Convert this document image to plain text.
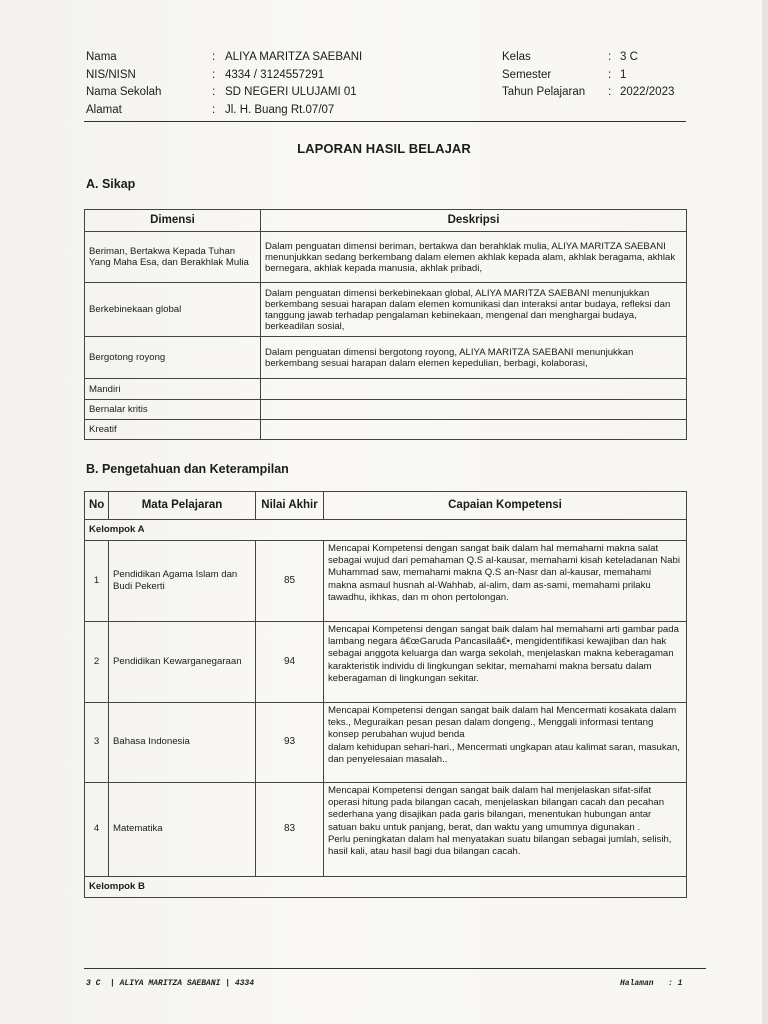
Nama	: ALIYA MARITZA SAEBANI
NIS/NISN	: 4334 / 3124557291
Nama Sekolah	: SD NEGERI ULUJAMI 01
Alamat	: Jl. H. Buang Rt.07/07
Kelas	: 3 C
Semester	: 1
Tahun Pelajaran	: 2022/2023
LAPORAN HASIL BELAJAR
A. Sikap
Dimensi	Deskripsi
Beriman, Bertakwa Kepada Tuhan Yang Maha Esa, dan Berakhlak Mulia	Dalam penguatan dimensi beriman, bertakwa dan berahklak mulia, ALIYA MARITZA SAEBANI menunjukkan sedang berkembang dalam elemen akhlak kepada alam, akhlak beragama, akhlak bernegara, akhlak kepada manusia, akhlak pribadi,
Berkebinekaan global	Dalam penguatan dimensi berkebinekaan global, ALIYA MARITZA SAEBANI menunjukkan berkembang sesuai harapan dalam elemen komunikasi dan interaksi antar budaya, refleksi dan tanggung jawab terhadap pengalaman kebinekaan, mengenal dan menghargai budaya, berkeadilan sosial,
Bergotong royong	Dalam penguatan dimensi bergotong royong, ALIYA MARITZA SAEBANI menunjukkan berkembang sesuai harapan dalam elemen kepedulian, berbagi, kolaborasi,
Mandiri	
Bernalar kritis	
Kreatif	
B. Pengetahuan dan Keterampilan
No	Mata Pelajaran	Nilai Akhir	Capaian Kompetensi
Kelompok A			
1	Pendidikan Agama Islam dan Budi Pekerti	85	Mencapai Kompetensi dengan sangat baik dalam hal memahami makna salat sebagai wujud dari pemahaman Q.S al-kausar, memahami kisah keteladanan Nabi Muhammad saw, memahami makna Q.S an-Nasr dan al-kausar, memahami makna asmaul husnah al-Wahhab, al-alim, dam as-sami, memahami prilaku tawadhu, ikhkas, dan m ohon pertolongan.
2	Pendidikan Kewarganegaraan	94	Mencapai Kompetensi dengan sangat baik dalam hal memahami arti gambar pada lambang negara â€œGaruda Pancasilaâ€•, mengidentifikasi kewajiban dan hak sebagai anggota keluarga dan warga sekolah, menjelaskan makna keberagaman karakteristik individu di lingkungan sekitar, memahami makna bersatu dalam keberagaman di lingkungan sekitar.
3	Bahasa Indonesia	93	Mencapai Kompetensi dengan sangat baik dalam hal Mencermati kosakata dalam teks., Meguraikan pesan pesan dalam dongeng., Menggali informasi tentang
konsep perubahan wujud benda
dalam kehidupan sehari-hari., Mencermati ungkapan atau kalimat saran, masukan, dan penyelesaian masalah..
4	Matematika	83	Mencapai Kompetensi dengan sangat baik dalam hal menjelaskan sifat-sifat operasi hitung pada bilangan cacah, menjelaskan bilangan cacah dan pecahan sederhana yang disajikan pada garis bilangan, menentukan hubungan antar satuan baku untuk panjang, berat, dan waktu yang umumnya digunakan .
Perlu peningkatan dalam hal menyatakan suatu bilangan sebagai jumlah, selisih, hasil kali, atau hasil bagi dua bilangan cacah.
Kelompok B			
3 C  | ALIYA MARITZA SAEBANI | 4334	Halaman   : 1
